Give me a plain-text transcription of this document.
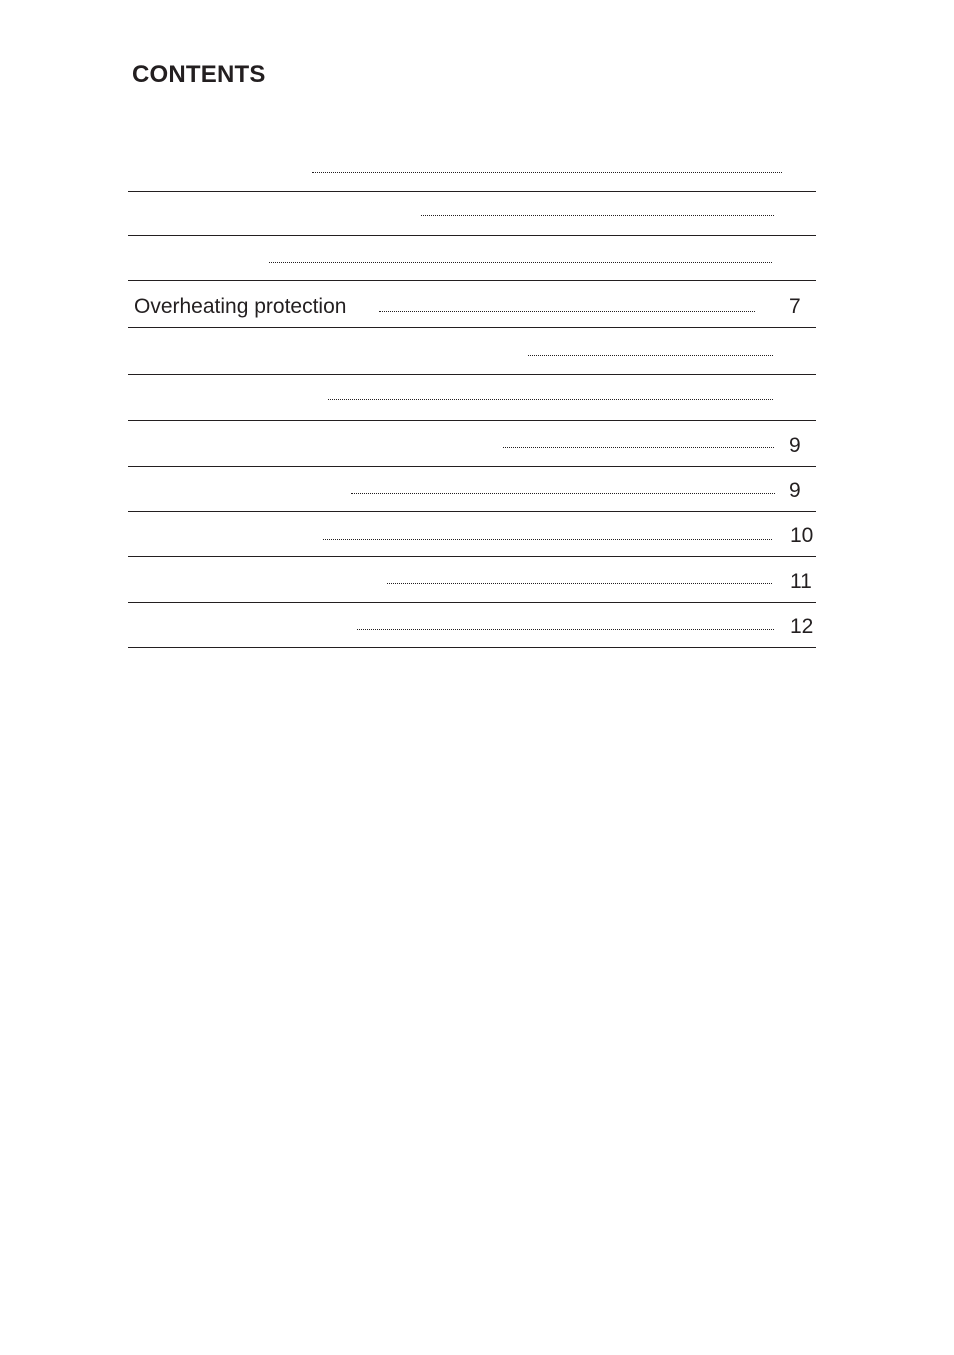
CONTENTS
Overheating protection	7
9
9
10
11
12
